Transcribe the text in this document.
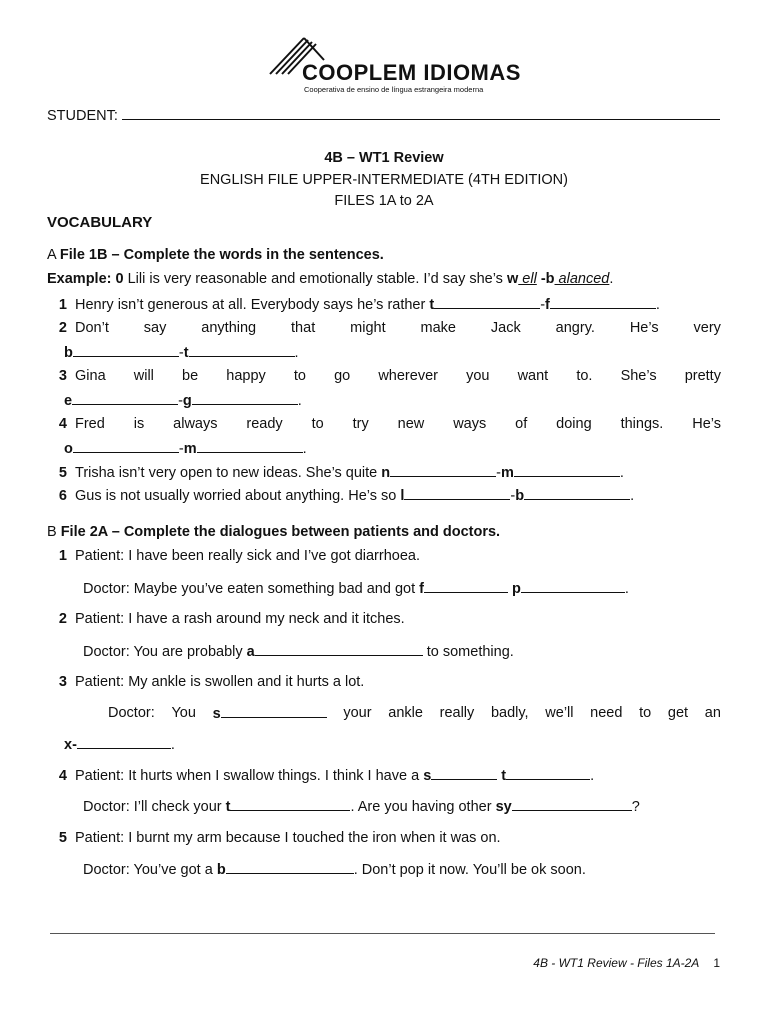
COOPLEM IDIOMAS
Cooperativa de ensino de língua estrangeira moderna
STUDENT:
4B – WT1 Review
ENGLISH FILE UPPER-INTERMEDIATE (4TH EDITION)
FILES 1A to 2A
VOCABULARY
A File 1B – Complete the words in the sentences.
Example: 0 Lili is very reasonable and emotionally stable. I’d say she’s w ell -b alanced.
1 Henry isn’t generous at all. Everybody says he’s rather t	-f	.
2 Don’t say anything that might make Jack angry. He’s very
b	-t	.
3 Gina will be happy to go wherever you want to. She’s pretty
e	-g	.
4 Fred is always ready to try new ways of doing things. He’s
o	-m	.
5 Trisha isn’t very open to new ideas. She’s quite n	-m	.
6 Gus is not usually worried about anything. He’s so l	-b	.
B File 2A – Complete the dialogues between patients and doctors.
1 Patient: I have been really sick and I’ve got diarrhoea.
Doctor: Maybe you’ve eaten something bad and got f	p	.
2 Patient: I have a rash around my neck and it itches.
Doctor: You are probably a	to something.
3 Patient: My ankle is swollen and it hurts a lot.
Doctor: You s	your ankle really badly, we’ll need to get an
x-	.
4 Patient: It hurts when I swallow things. I think I have a s	t	.
Doctor: I’ll check your t	. Are you having other sy	?
5 Patient: I burnt my arm because I touched the iron when it was on.
Doctor: You’ve got a b	. Don’t pop it now. You’ll be ok soon.
4B - WT1 Review - Files 1A-2A 1
